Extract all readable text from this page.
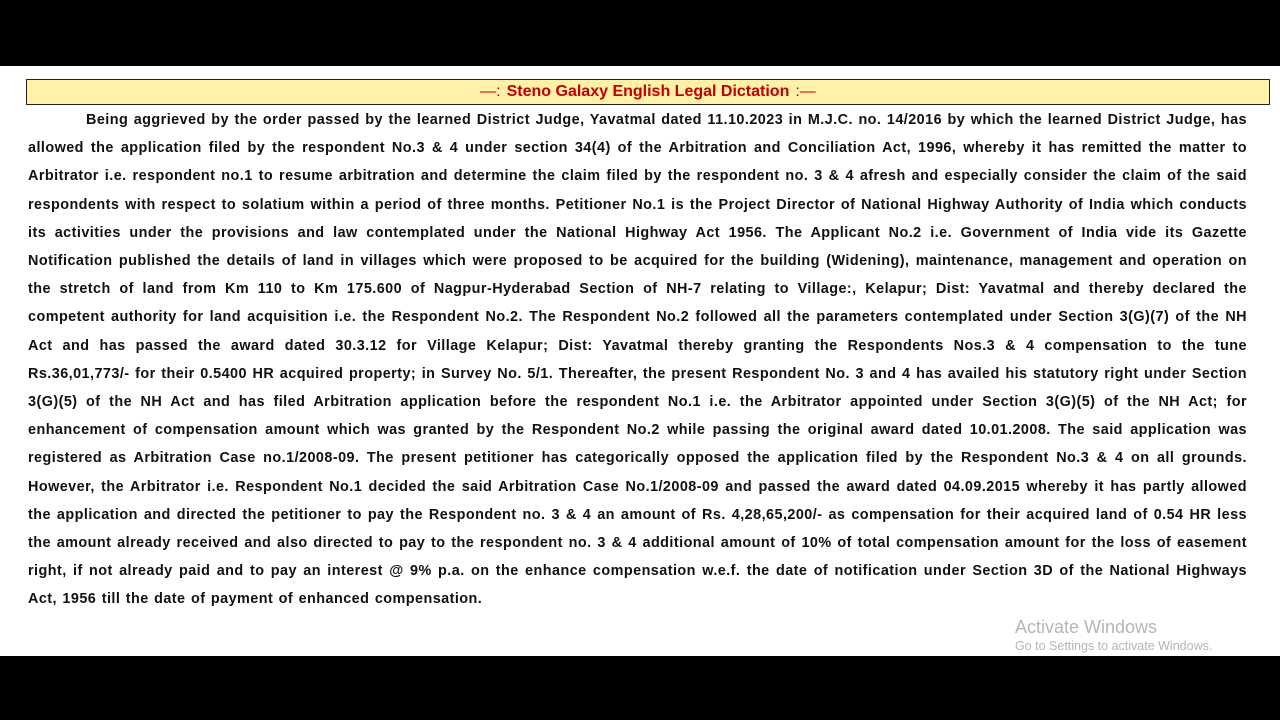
—: Steno Galaxy English Legal Dictation :—

Being aggrieved by the order passed by the learned District Judge, Yavatmal dated 11.10.2023 in M.J.C. no. 14/2016 by which the learned District Judge, has allowed the application filed by the respondent No.3 & 4 under section 34(4) of the Arbitration and Conciliation Act, 1996, whereby it has remitted the matter to Arbitrator i.e. respondent no.1 to resume arbitration and determine the claim filed by the respondent no. 3 & 4 afresh and especially consider the claim of the said respondents with respect to solatium within a period of three months. Petitioner No.1 is the Project Director of National Highway Authority of India which conducts its activities under the provisions and law contemplated under the National Highway Act 1956. The Applicant No.2 i.e. Government of India vide its Gazette Notification published the details of land in villages which were proposed to be acquired for the building (Widening), maintenance, management and operation on the stretch of land from Km 110 to Km 175.600 of Nagpur-Hyderabad Section of NH-7 relating to Village:, Kelapur; Dist: Yavatmal and thereby declared the competent authority for land acquisition i.e. the Respondent No.2. The Respondent No.2 followed all the parameters contemplated under Section 3(G)(7) of the NH Act and has passed the award dated 30.3.12 for Village Kelapur; Dist: Yavatmal thereby granting the Respondents Nos.3 & 4 compensation to the tune Rs.36,01,773/- for their 0.5400 HR acquired property; in Survey No. 5/1. Thereafter, the present Respondent No. 3 and 4 has availed his statutory right under Section 3(G)(5) of the NH Act and has filed Arbitration application before the respondent No.1 i.e. the Arbitrator appointed under Section 3(G)(5) of the NH Act; for enhancement of compensation amount which was granted by the Respondent No.2 while passing the original award dated 10.01.2008. The said application was registered as Arbitration Case no.1/2008-09. The present petitioner has categorically opposed the application filed by the Respondent No.3 & 4 on all grounds. However, the Arbitrator i.e. Respondent No.1 decided the said Arbitration Case No.1/2008-09 and passed the award dated 04.09.2015 whereby it has partly allowed the application and directed the petitioner to pay the Respondent no. 3 & 4 an amount of Rs. 4,28,65,200/- as compensation for their acquired land of 0.54 HR less the amount already received and also directed to pay to the respondent no. 3 & 4 additional amount of 10% of total compensation amount for the loss of easement right, if not already paid and to pay an interest @ 9% p.a. on the enhance compensation w.e.f. the date of notification under Section 3D of the National Highways Act, 1956 till the date of payment of enhanced compensation.

Activate Windows
Go to Settings to activate Windows.
